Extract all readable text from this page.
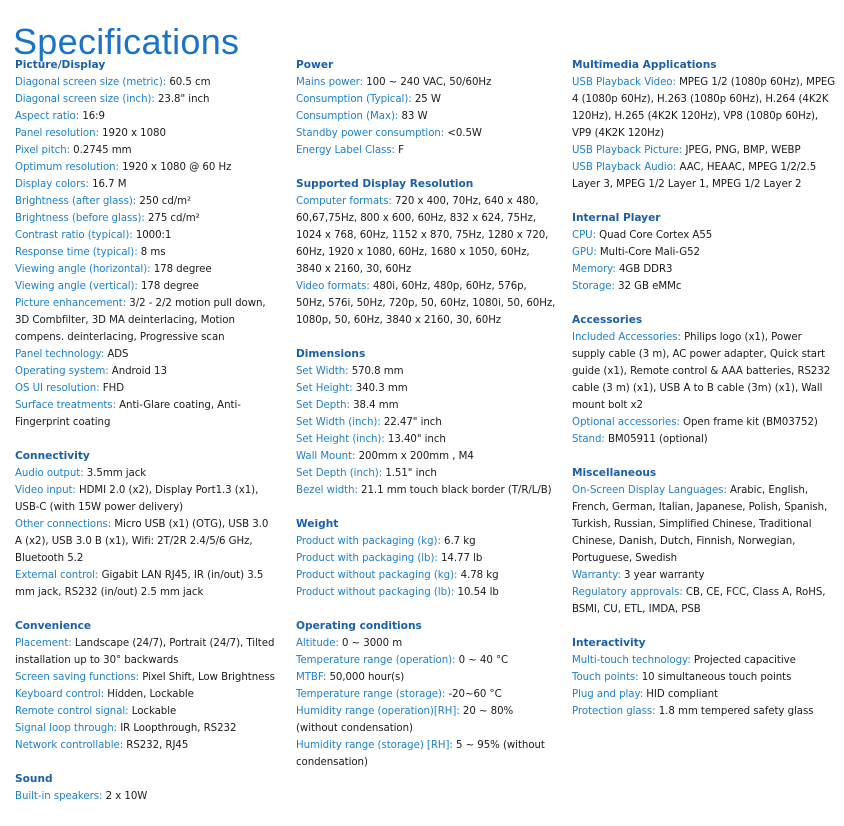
Specifications
Picture/Display
Diagonal screen size (metric): 60.5 cm
Diagonal screen size (inch): 23.8" inch
Aspect ratio: 16:9
Panel resolution: 1920 x 1080
Pixel pitch: 0.2745 mm
Optimum resolution: 1920 x 1080 @ 60 Hz
Display colors: 16.7 M
Brightness (after glass): 250 cd/m²
Brightness (before glass): 275 cd/m²
Contrast ratio (typical): 1000:1
Response time (typical): 8 ms
Viewing angle (horizontal): 178 degree
Viewing angle (vertical): 178 degree
Picture enhancement: 3/2 - 2/2 motion pull down, 3D Combfilter, 3D MA deinterlacing, Motion compens. deinterlacing, Progressive scan
Panel technology: ADS
Operating system: Android 13
OS UI resolution: FHD
Surface treatments: Anti-Glare coating, Anti-Fingerprint coating
Connectivity
Audio output: 3.5mm jack
Video input: HDMI 2.0 (x2), Display Port1.3 (x1), USB-C (with 15W power delivery)
Other connections: Micro USB (x1) (OTG), USB 3.0 A (x2), USB 3.0 B (x1), Wifi: 2T/2R 2.4/5/6 GHz, Bluetooth 5.2
External control: Gigabit LAN RJ45, IR (in/out) 3.5 mm jack, RS232 (in/out) 2.5 mm jack
Convenience
Placement: Landscape (24/7), Portrait (24/7), Tilted installation up to 30° backwards
Screen saving functions: Pixel Shift, Low Brightness
Keyboard control: Hidden, Lockable
Remote control signal: Lockable
Signal loop through: IR Loopthrough, RS232
Network controllable: RS232, RJ45
Sound
Built-in speakers: 2 x 10W
Power
Mains power: 100 ~ 240 VAC, 50/60Hz
Consumption (Typical): 25 W
Consumption (Max): 83 W
Standby power consumption: <0.5W
Energy Label Class: F
Supported Display Resolution
Computer formats: 720 x 400, 70Hz, 640 x 480, 60,67,75Hz, 800 x 600, 60Hz, 832 x 624, 75Hz, 1024 x 768, 60Hz, 1152 x 870, 75Hz, 1280 x 720, 60Hz, 1920 x 1080, 60Hz, 1680 x 1050, 60Hz, 3840 x 2160, 30, 60Hz
Video formats: 480i, 60Hz, 480p, 60Hz, 576p, 50Hz, 576i, 50Hz, 720p, 50, 60Hz, 1080i, 50, 60Hz, 1080p, 50, 60Hz, 3840 x 2160, 30, 60Hz
Dimensions
Set Width: 570.8 mm
Set Height: 340.3 mm
Set Depth: 38.4 mm
Set Width (inch): 22.47" inch
Set Height (inch): 13.40" inch
Wall Mount: 200mm x 200mm , M4
Set Depth (inch): 1.51" inch
Bezel width: 21.1 mm touch black border (T/R/L/B)
Weight
Product with packaging (kg): 6.7 kg
Product with packaging (lb): 14.77 lb
Product without packaging (kg): 4.78 kg
Product without packaging (lb): 10.54 lb
Operating conditions
Altitude: 0 ~ 3000 m
Temperature range (operation): 0 ~ 40 °C
MTBF: 50,000 hour(s)
Temperature range (storage): -20~60 °C
Humidity range (operation)[RH]: 20 ~ 80% (without condensation)
Humidity range (storage) [RH]: 5 ~ 95% (without condensation)
Multimedia Applications
USB Playback Video: MPEG 1/2 (1080p 60Hz), MPEG 4 (1080p 60Hz), H.263 (1080p 60Hz), H.264 (4K2K 120Hz), H.265 (4K2K 120Hz), VP8 (1080p 60Hz), VP9 (4K2K 120Hz)
USB Playback Picture: JPEG, PNG, BMP, WEBP
USB Playback Audio: AAC, HEAAC, MPEG 1/2/2.5 Layer 3, MPEG 1/2 Layer 1, MPEG 1/2 Layer 2
Internal Player
CPU: Quad Core Cortex A55
GPU: Multi-Core Mali-G52
Memory: 4GB DDR3
Storage: 32 GB eMMc
Accessories
Included Accessories: Philips logo (x1), Power supply cable (3 m), AC power adapter, Quick start guide (x1), Remote control & AAA batteries, RS232 cable (3 m) (x1), USB A to B cable (3m) (x1), Wall mount bolt x2
Optional accessories: Open frame kit (BM03752)
Stand: BM05911 (optional)
Miscellaneous
On-Screen Display Languages: Arabic, English, French, German, Italian, Japanese, Polish, Spanish, Turkish, Russian, Simplified Chinese, Traditional Chinese, Danish, Dutch, Finnish, Norwegian, Portuguese, Swedish
Warranty: 3 year warranty
Regulatory approvals: CB, CE, FCC, Class A, RoHS, BSMI, CU, ETL, IMDA, PSB
Interactivity
Multi-touch technology: Projected capacitive
Touch points: 10 simultaneous touch points
Plug and play: HID compliant
Protection glass: 1.8 mm tempered safety glass
